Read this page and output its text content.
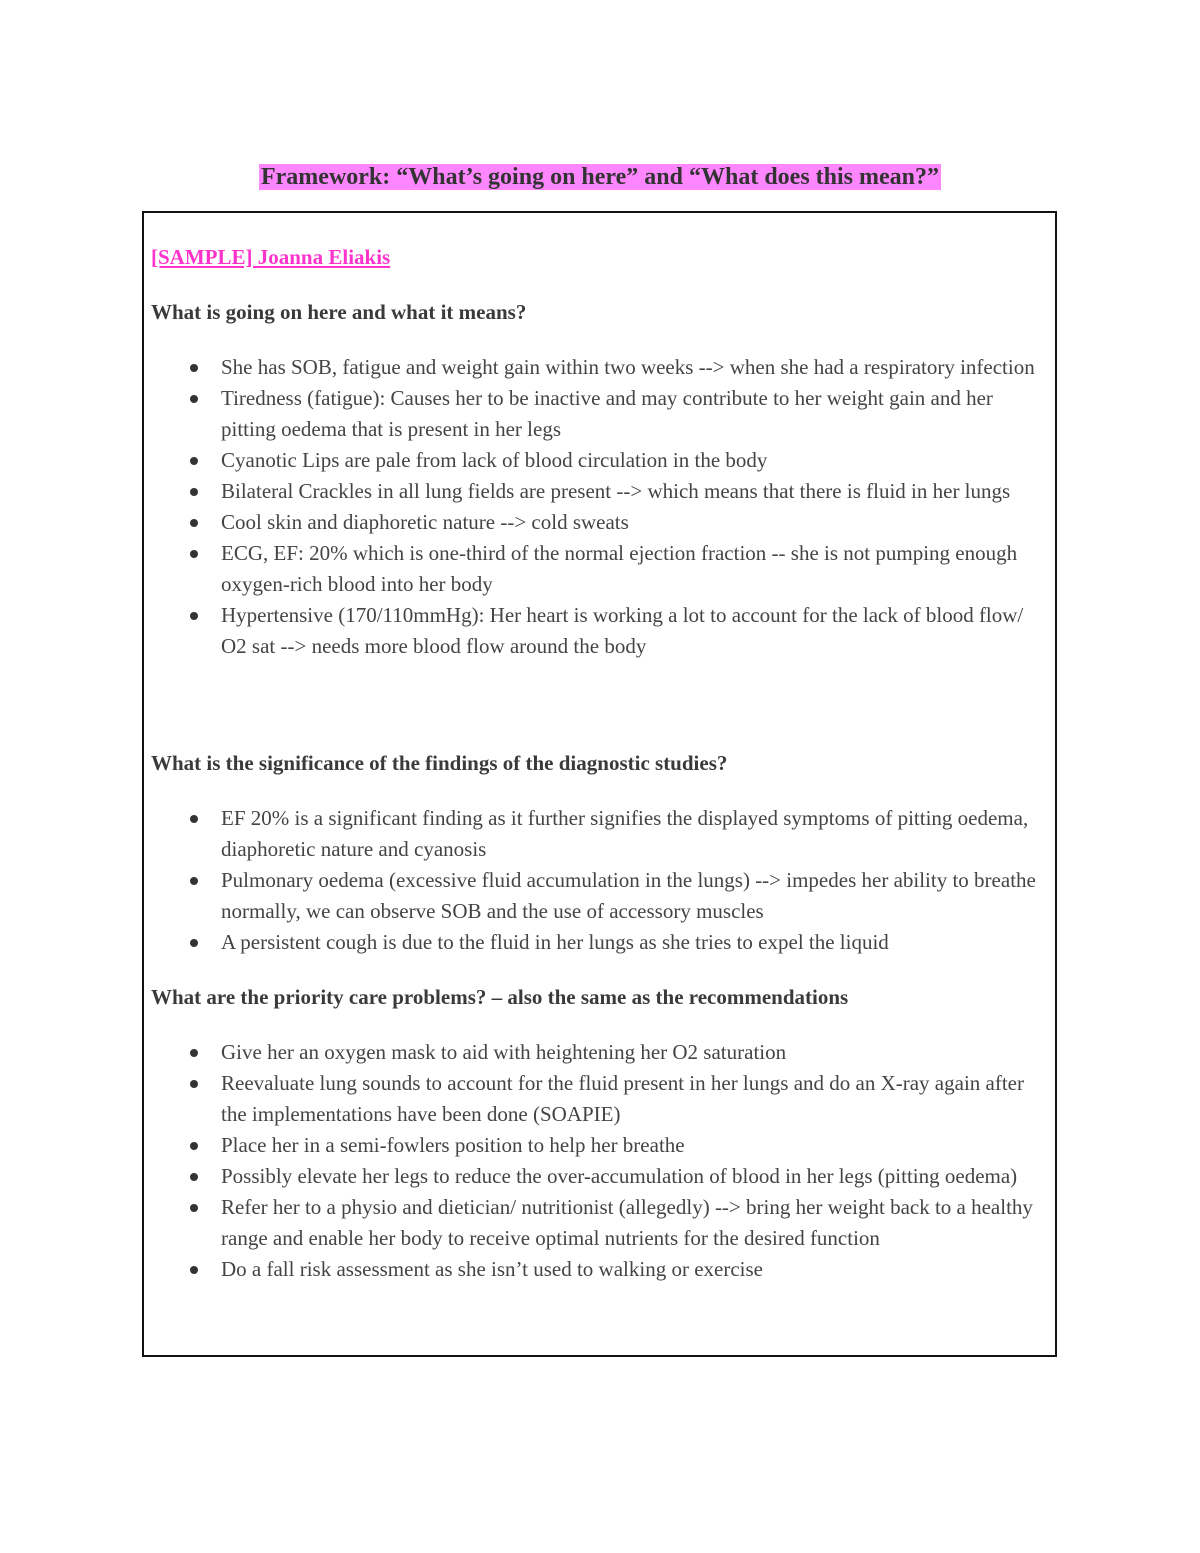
Framework: “What’s going on here” and “What does this mean?”
[SAMPLE] Joanna Eliakis
What is going on here and what it means?
She has SOB, fatigue and weight gain within two weeks --> when she had a respiratory infection
Tiredness (fatigue): Causes her to be inactive and may contribute to her weight gain and her pitting oedema that is present in her legs
Cyanotic Lips are pale from lack of blood circulation in the body
Bilateral Crackles in all lung fields are present --> which means that there is fluid in her lungs
Cool skin and diaphoretic nature --> cold sweats
ECG, EF: 20% which is one-third of the normal ejection fraction -- she is not pumping enough oxygen-rich blood into her body
Hypertensive (170/110mmHg): Her heart is working a lot to account for the lack of blood flow/ O2 sat --> needs more blood flow around the body
What is the significance of the findings of the diagnostic studies?
EF 20% is a significant finding as it further signifies the displayed symptoms of pitting oedema, diaphoretic nature and cyanosis
Pulmonary oedema (excessive fluid accumulation in the lungs) --> impedes her ability to breathe normally, we can observe SOB and the use of accessory muscles
A persistent cough is due to the fluid in her lungs as she tries to expel the liquid
What are the priority care problems? – also the same as the recommendations
Give her an oxygen mask to aid with heightening her O2 saturation
Reevaluate lung sounds to account for the fluid present in her lungs and do an X-ray again after the implementations have been done (SOAPIE)
Place her in a semi-fowlers position to help her breathe
Possibly elevate her legs to reduce the over-accumulation of blood in her legs (pitting oedema)
Refer her to a physio and dietician/ nutritionist (allegedly) --> bring her weight back to a healthy range and enable her body to receive optimal nutrients for the desired function
Do a fall risk assessment as she isn’t used to walking or exercise
